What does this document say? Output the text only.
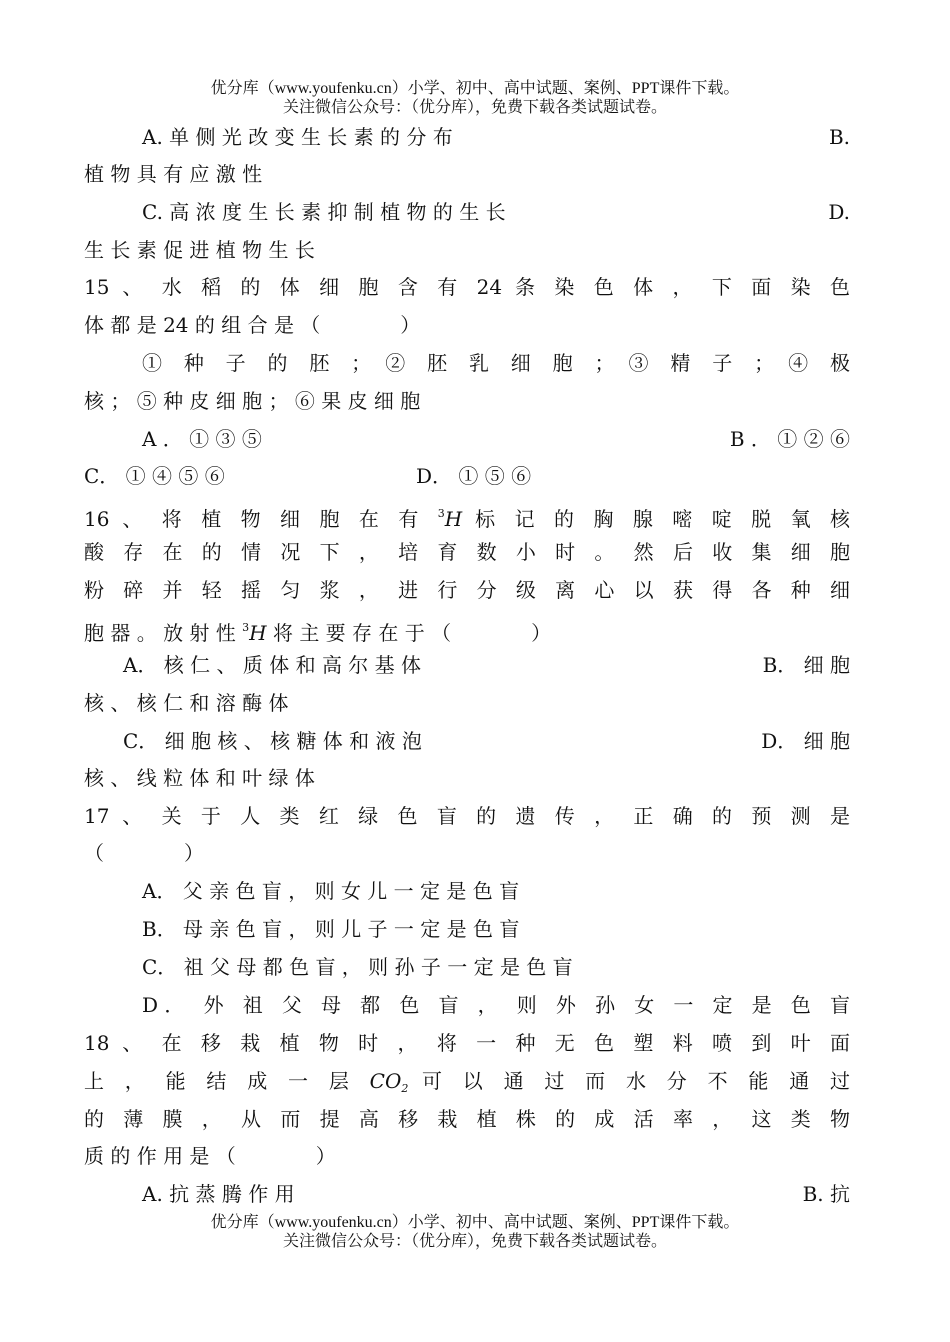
优分库（www.youfenku.cn）小学、初中、高中试题、案例、PPT课件下载。
关注微信公众号：（优分库），免费下载各类试题试卷。
A. 单 侧 光 改 变 生 长 素 的 分 布	B.
植 物 具 有 应 激 性
C. 高 浓 度 生 长 素 抑 制 植 物 的 生 长	D.
生 长 素 促 进 植 物 生 长
15 、 水 稻 的 体 细 胞 含 有 24 条 染 色 体 ， 下 面 染 色
体 都 是 24 的 组 合 是 （　　　　）
① 种 子 的 胚 ； ② 胚 乳 细 胞 ； ③ 精 子 ； ④ 极
核 ； ⑤ 种 皮 细 胞 ； ⑥ 果 皮 细 胞
A ． ① ③ ⑤	B ． ① ② ⑥
C． ① ④ ⑤ ⑥	D． ① ⑤ ⑥
16 、 将 植 物 细 胞 在 有 $^3$H 标 记 的 胸 腺 嘧 啶 脱 氧 核
酸 存 在 的 情 况 下 ， 培 育 数 小 时 。 然 后 收 集 细 胞
粉 碎 并 轻 摇 匀 浆 ， 进 行 分 级 离 心 以 获 得 各 种 细
胞 器 。 放 射 性 $^3$H 将 主 要 存 在 于 （　　　　）
A． 核 仁 、 质 体 和 高 尔 基 体	B． 细 胞
核 、 核 仁 和 溶 酶 体
C． 细 胞 核 、 核 糖 体 和 液 泡	D． 细 胞
核 、 线 粒 体 和 叶 绿 体
17 、 关 于 人 类 红 绿 色 盲 的 遗 传 ， 正 确 的 预 测 是
（　　　　）
A． 父 亲 色 盲 ， 则 女 儿 一 定 是 色 盲
B． 母 亲 色 盲 ， 则 儿 子 一 定 是 色 盲
C． 祖 父 母 都 色 盲 ， 则 孙 子 一 定 是 色 盲
D． 外 祖 父 母 都 色 盲 ， 则 外 孙 女 一 定 是 色 盲
18 、 在 移 栽 植 物 时 ， 将 一 种 无 色 塑 料 喷 到 叶 面
上 ， 能 结 成 一 层 $CO_2$ 可 以 通 过 而 水 分 不 能 通 过
的 薄 膜 ， 从 而 提 高 移 栽 植 株 的 成 活 率 ， 这 类 物
质 的 作 用 是 （　　　　）
A. 抗 蒸 腾 作 用	B. 抗
优分库（www.youfenku.cn）小学、初中、高中试题、案例、PPT课件下载。
关注微信公众号：（优分库），免费下载各类试题试卷。
